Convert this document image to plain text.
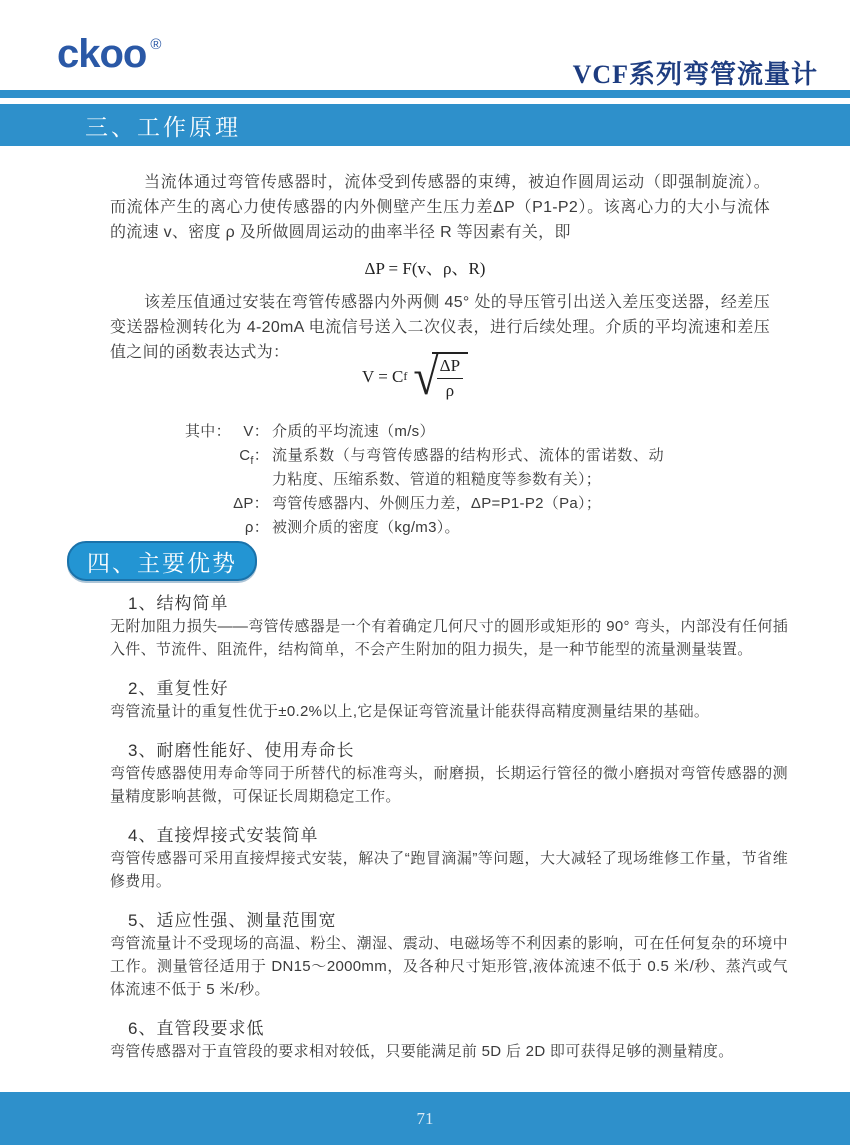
ckoo ®
VCF系列弯管流量计
三、工作原理
当流体通过弯管传感器时，流体受到传感器的束缚，被迫作圆周运动（即强制旋流）。而流体产生的离心力使传感器的内外侧壁产生压力差ΔP（P1-P2）。该离心力的大小与流体的流速 v、密度 ρ 及所做圆周运动的曲率半径 R 等因素有关，即
ΔP = F(v、ρ、R)
该差压值通过安装在弯管传感器内外两侧 45° 处的导压管引出送入差压变送器，经差压变送器检测转化为 4-20mA 电流信号送入二次仪表，进行后续处理。介质的平均流速和差压值之间的函数表达式为：
V = C f √
$\frac{\Delta P}{\rho}$
其中： V： 介质的平均流速（m/s）
$C_f$： 流量系数（与弯管传感器的结构形式、流体的雷诺数、动力粘度、压缩系数、管道的粗糙度等参数有关）；
ΔP： 弯管传感器内、外侧压力差，ΔP=P1-P2（Pa）；
ρ： 被测介质的密度（kg/m3）。
四、主要优势
1、结构简单
无附加阻力损失——弯管传感器是一个有着确定几何尺寸的圆形或矩形的 90° 弯头，内部没有任何插入件、节流件、阻流件，结构简单，不会产生附加的阻力损失，是一种节能型的流量测量装置。
2、重复性好
弯管流量计的重复性优于±0.2%以上,它是保证弯管流量计能获得高精度测量结果的基础。
3、耐磨性能好、使用寿命长
弯管传感器使用寿命等同于所替代的标准弯头，耐磨损，长期运行管径的微小磨损对弯管传感器的测量精度影响甚微，可保证长周期稳定工作。
4、直接焊接式安装简单
弯管传感器可采用直接焊接式安装，解决了“跑冒滴漏”等问题，大大减轻了现场维修工作量，节省维修费用。
5、适应性强、测量范围宽
弯管流量计不受现场的高温、粉尘、潮湿、震动、电磁场等不利因素的影响，可在任何复杂的环境中工作。测量管径适用于 DN15～2000mm，及各种尺寸矩形管,液体流速不低于 0.5 米/秒、蒸汽或气体流速不低于 5 米/秒。
6、直管段要求低
弯管传感器对于直管段的要求相对较低，只要能满足前 5D 后 2D 即可获得足够的测量精度。
71
